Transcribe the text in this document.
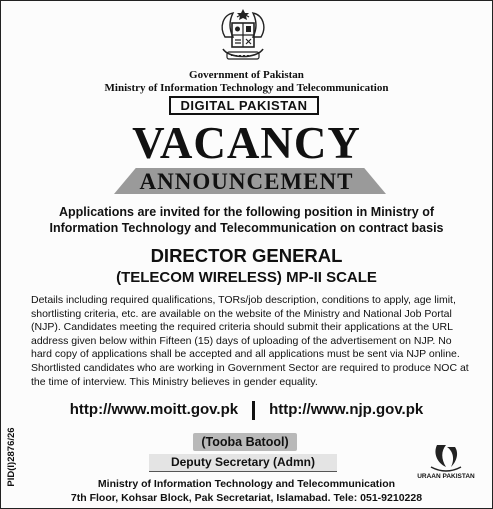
Government of Pakistan
Ministry of Information Technology and Telecommunication
DIGITAL PAKISTAN
VACANCY
ANNOUNCEMENT
Applications are invited for the following position in Ministry of
Information Technology and Telecommunication on contract basis
DIRECTOR GENERAL
(TELECOM WIRELESS) MP-II SCALE
Details including required qualifications, TORs/job description, conditions to apply, age limit,
shortlisting criteria, etc. are available on the website of the Ministry and National Job Portal
(NJP). Candidates meeting the required criteria should submit their applications at the URL
address given below within Fifteen (15) days of uploading of the advertisement on NJP. No
hard copy of applications shall be accepted and all applications must be sent via NJP online.
Shortlisted candidates who are working in Government Sector are required to produce NOC at
the time of interview. This Ministry believes in gender equality.
http://www.moitt.gov.pk http://www.njp.gov.pk
(Tooba Batool)
Deputy Secretary (Admn)
Ministry of Information Technology and Telecommunication
7th Floor, Kohsar Block, Pak Secretariat, Islamabad. Tele: 051-9210228
PID(I)2876/26	URAAN PAKISTAN
